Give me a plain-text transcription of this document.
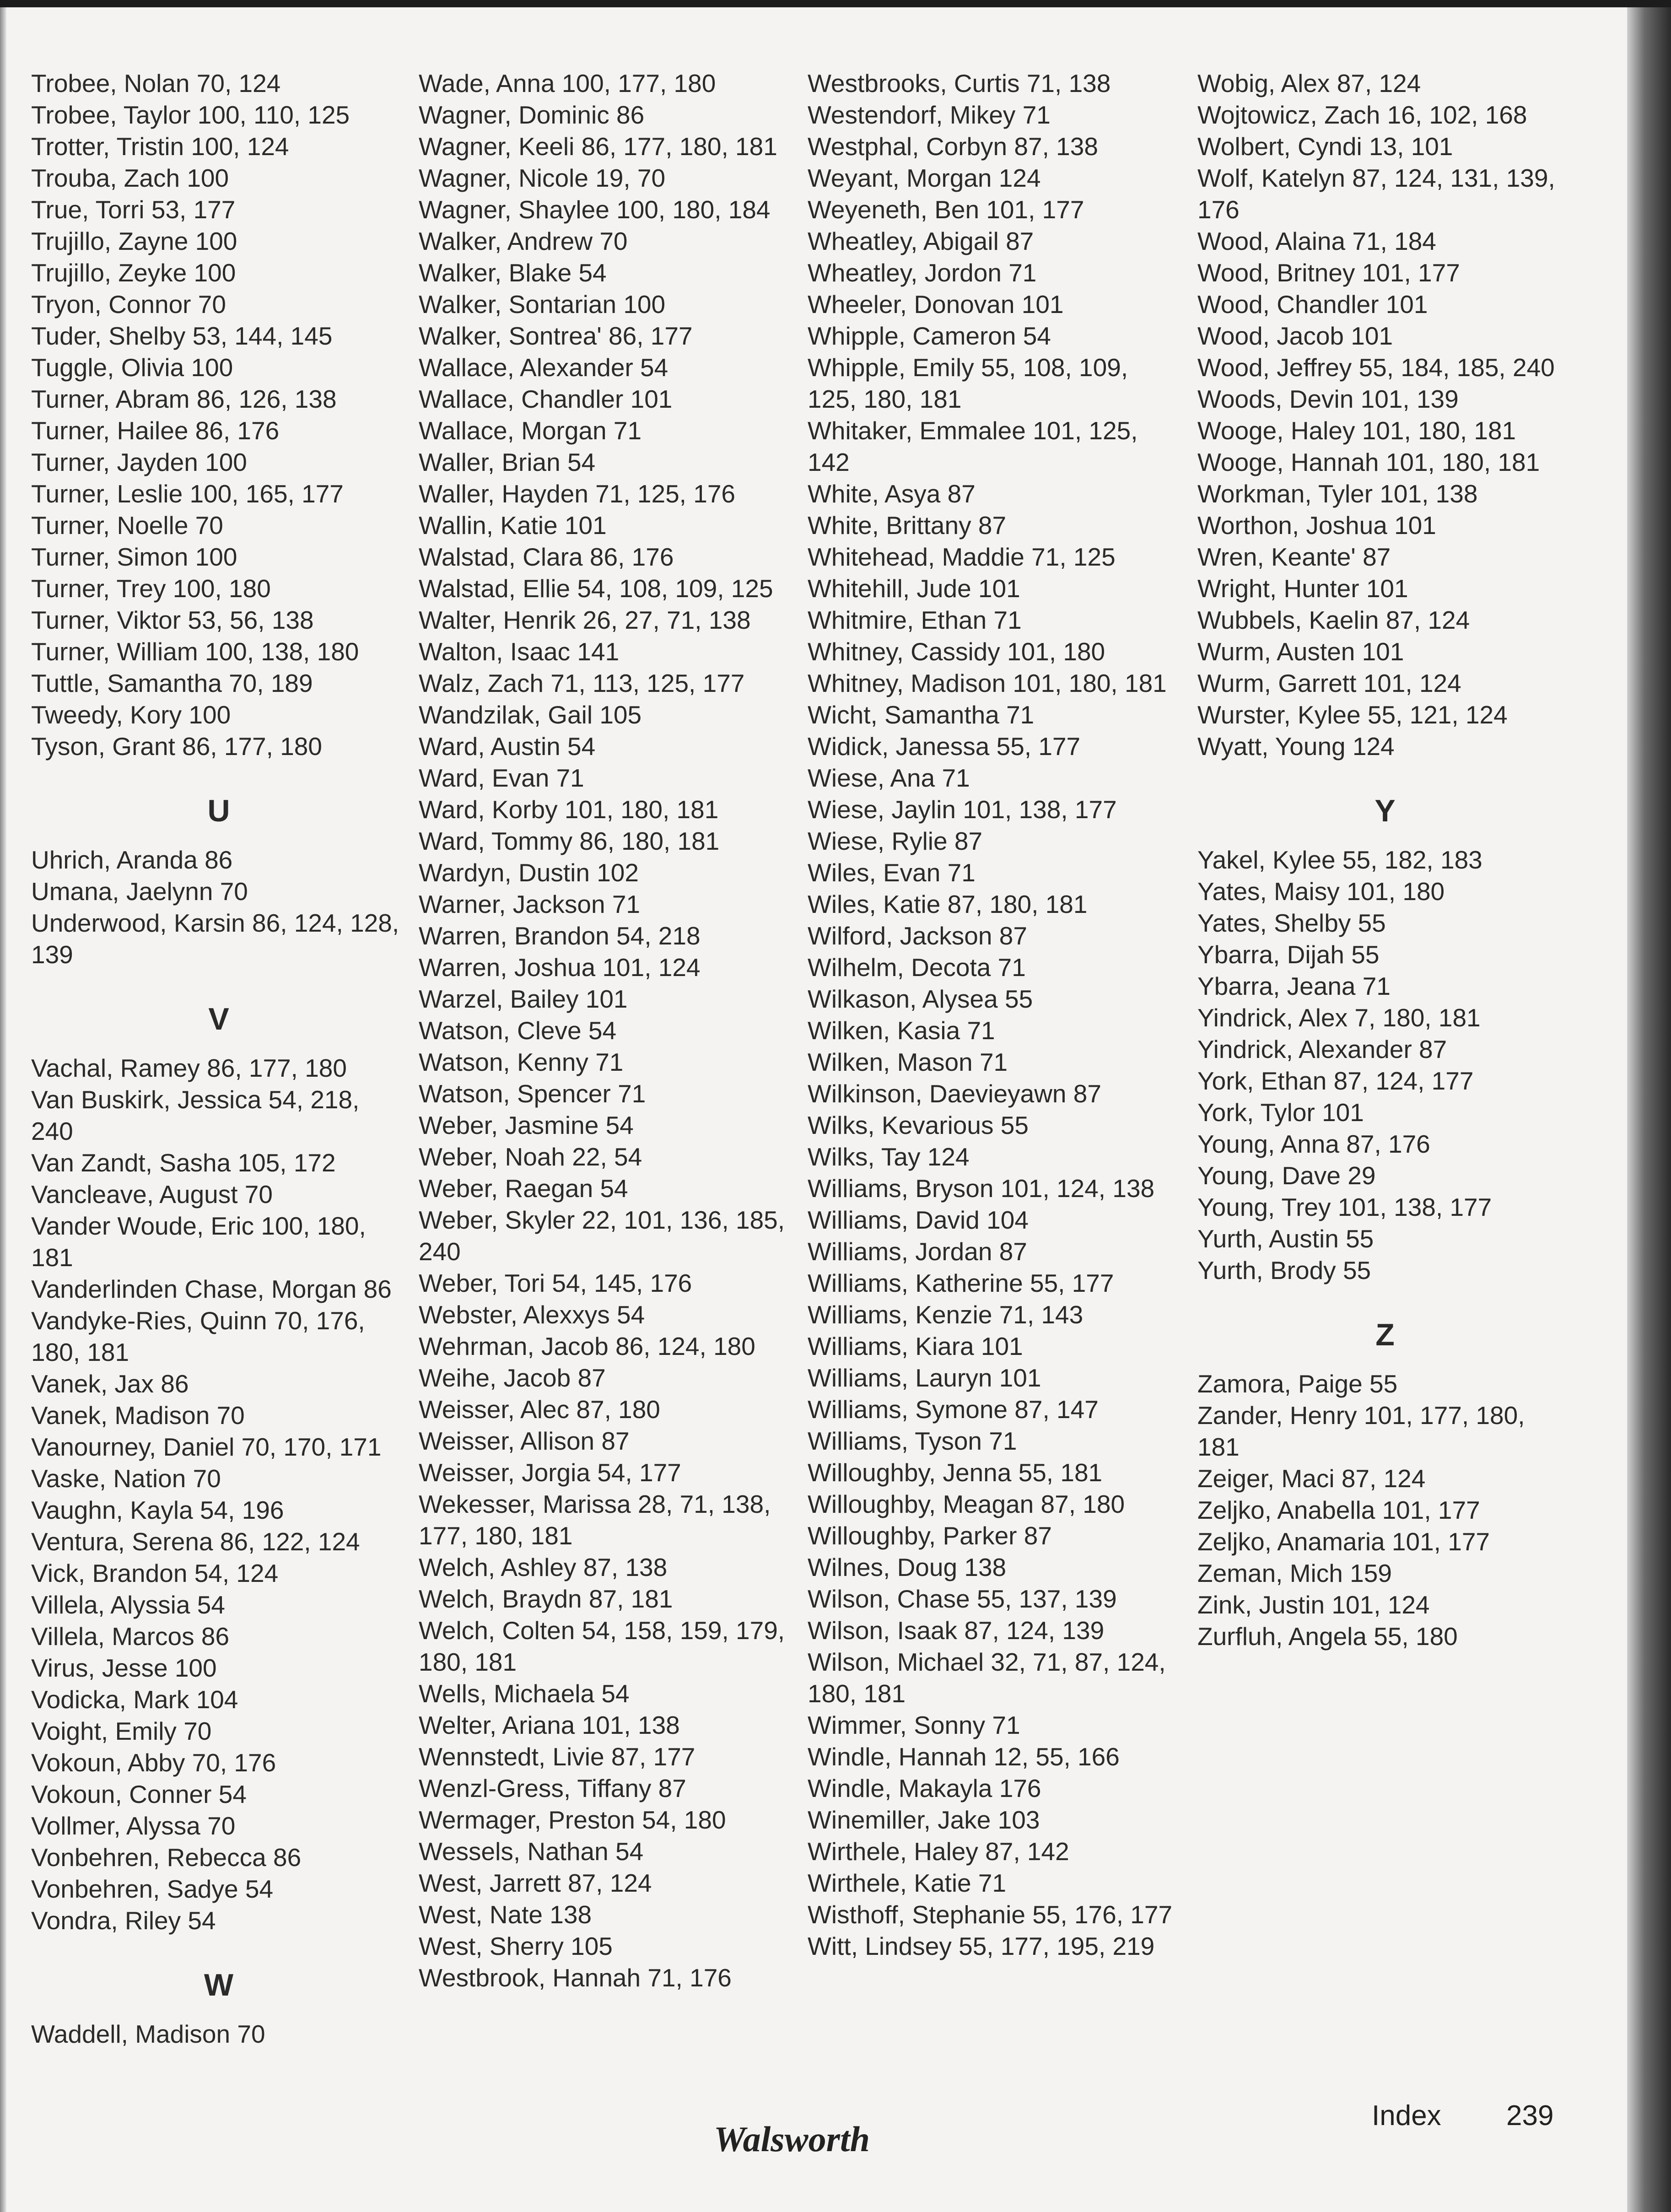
Trobee, Nolan 70, 124
Trobee, Taylor 100, 110, 125
Trotter, Tristin 100, 124
Trouba, Zach 100
True, Torri 53, 177
Trujillo, Zayne 100
Trujillo, Zeyke 100
Tryon, Connor 70
Tuder, Shelby 53, 144, 145
Tuggle, Olivia 100
Turner, Abram 86, 126, 138
Turner, Hailee 86, 176
Turner, Jayden 100
Turner, Leslie 100, 165, 177
Turner, Noelle 70
Turner, Simon 100
Turner, Trey 100, 180
Turner, Viktor 53, 56, 138
Turner, William 100, 138, 180
Tuttle, Samantha 70, 189
Tweedy, Kory 100
Tyson, Grant 86, 177, 180
U
Uhrich, Aranda 86
Umana, Jaelynn 70
Underwood, Karsin 86, 124, 128, 139
V
Vachal, Ramey 86, 177, 180
Van Buskirk, Jessica 54, 218, 240
Van Zandt, Sasha 105, 172
Vancleave, August 70
Vander Woude, Eric 100, 180, 181
Vanderlinden Chase, Morgan 86
Vandyke-Ries, Quinn 70, 176, 180, 181
Vanek, Jax 86
Vanek, Madison 70
Vanourney, Daniel 70, 170, 171
Vaske, Nation 70
Vaughn, Kayla 54, 196
Ventura, Serena 86, 122, 124
Vick, Brandon 54, 124
Villela, Alyssia 54
Villela, Marcos 86
Virus, Jesse 100
Vodicka, Mark 104
Voight, Emily 70
Vokoun, Abby 70, 176
Vokoun, Conner 54
Vollmer, Alyssa 70
Vonbehren, Rebecca 86
Vonbehren, Sadye 54
Vondra, Riley 54
W
Waddell, Madison 70
Wade, Anna 100, 177, 180
Wagner, Dominic 86
Wagner, Keeli 86, 177, 180, 181
Wagner, Nicole 19, 70
Wagner, Shaylee 100, 180, 184
Walker, Andrew 70
Walker, Blake 54
Walker, Sontarian 100
Walker, Sontrea' 86, 177
Wallace, Alexander 54
Wallace, Chandler 101
Wallace, Morgan 71
Waller, Brian 54
Waller, Hayden 71, 125, 176
Wallin, Katie 101
Walstad, Clara 86, 176
Walstad, Ellie 54, 108, 109, 125
Walter, Henrik 26, 27, 71, 138
Walton, Isaac 141
Walz, Zach 71, 113, 125, 177
Wandzilak, Gail 105
Ward, Austin 54
Ward, Evan 71
Ward, Korby 101, 180, 181
Ward, Tommy 86, 180, 181
Wardyn, Dustin 102
Warner, Jackson 71
Warren, Brandon 54, 218
Warren, Joshua 101, 124
Warzel, Bailey 101
Watson, Cleve 54
Watson, Kenny 71
Watson, Spencer 71
Weber, Jasmine 54
Weber, Noah 22, 54
Weber, Raegan 54
Weber, Skyler 22, 101, 136, 185, 240
Weber, Tori 54, 145, 176
Webster, Alexxys 54
Wehrman, Jacob 86, 124, 180
Weihe, Jacob 87
Weisser, Alec 87, 180
Weisser, Allison 87
Weisser, Jorgia 54, 177
Wekesser, Marissa 28, 71, 138, 177, 180, 181
Welch, Ashley 87, 138
Welch, Braydn 87, 181
Welch, Colten 54, 158, 159, 179, 180, 181
Wells, Michaela 54
Welter, Ariana 101, 138
Wennstedt, Livie 87, 177
Wenzl-Gress, Tiffany 87
Wermager, Preston 54, 180
Wessels, Nathan 54
West, Jarrett 87, 124
West, Nate 138
West, Sherry 105
Westbrook, Hannah 71, 176
Westbrooks, Curtis 71, 138
Westendorf, Mikey 71
Westphal, Corbyn 87, 138
Weyant, Morgan 124
Weyeneth, Ben 101, 177
Wheatley, Abigail 87
Wheatley, Jordon 71
Wheeler, Donovan 101
Whipple, Cameron 54
Whipple, Emily 55, 108, 109, 125, 180, 181
Whitaker, Emmalee 101, 125, 142
White, Asya 87
White, Brittany 87
Whitehead, Maddie 71, 125
Whitehill, Jude 101
Whitmire, Ethan 71
Whitney, Cassidy 101, 180
Whitney, Madison 101, 180, 181
Wicht, Samantha 71
Widick, Janessa 55, 177
Wiese, Ana 71
Wiese, Jaylin 101, 138, 177
Wiese, Rylie 87
Wiles, Evan 71
Wiles, Katie 87, 180, 181
Wilford, Jackson 87
Wilhelm, Decota 71
Wilkason, Alysea 55
Wilken, Kasia 71
Wilken, Mason 71
Wilkinson, Daevieyawn 87
Wilks, Kevarious 55
Wilks, Tay 124
Williams, Bryson 101, 124, 138
Williams, David 104
Williams, Jordan 87
Williams, Katherine 55, 177
Williams, Kenzie 71, 143
Williams, Kiara 101
Williams, Lauryn 101
Williams, Symone 87, 147
Williams, Tyson 71
Willoughby, Jenna 55, 181
Willoughby, Meagan 87, 180
Willoughby, Parker 87
Wilnes, Doug 138
Wilson, Chase 55, 137, 139
Wilson, Isaak 87, 124, 139
Wilson, Michael 32, 71, 87, 124, 180, 181
Wimmer, Sonny 71
Windle, Hannah 12, 55, 166
Windle, Makayla 176
Winemiller, Jake 103
Wirthele, Haley 87, 142
Wirthele, Katie 71
Wisthoff, Stephanie 55, 176, 177
Witt, Lindsey 55, 177, 195, 219
Wobig, Alex 87, 124
Wojtowicz, Zach 16, 102, 168
Wolbert, Cyndi 13, 101
Wolf, Katelyn 87, 124, 131, 139, 176
Wood, Alaina 71, 184
Wood, Britney 101, 177
Wood, Chandler 101
Wood, Jacob 101
Wood, Jeffrey 55, 184, 185, 240
Woods, Devin 101, 139
Wooge, Haley 101, 180, 181
Wooge, Hannah 101, 180, 181
Workman, Tyler 101, 138
Worthon, Joshua 101
Wren, Keante' 87
Wright, Hunter 101
Wubbels, Kaelin 87, 124
Wurm, Austen 101
Wurm, Garrett 101, 124
Wurster, Kylee 55, 121, 124
Wyatt, Young 124
Y
Yakel, Kylee 55, 182, 183
Yates, Maisy 101, 180
Yates, Shelby 55
Ybarra, Dijah 55
Ybarra, Jeana 71
Yindrick, Alex 7, 180, 181
Yindrick, Alexander 87
York, Ethan 87, 124, 177
York, Tylor 101
Young, Anna 87, 176
Young, Dave 29
Young, Trey 101, 138, 177
Yurth, Austin 55
Yurth, Brody 55
Z
Zamora, Paige 55
Zander, Henry 101, 177, 180, 181
Zeiger, Maci 87, 124
Zeljko, Anabella 101, 177
Zeljko, Anamaria 101, 177
Zeman, Mich 159
Zink, Justin 101, 124
Zurfluh, Angela 55, 180
Walsworth
Index 239
